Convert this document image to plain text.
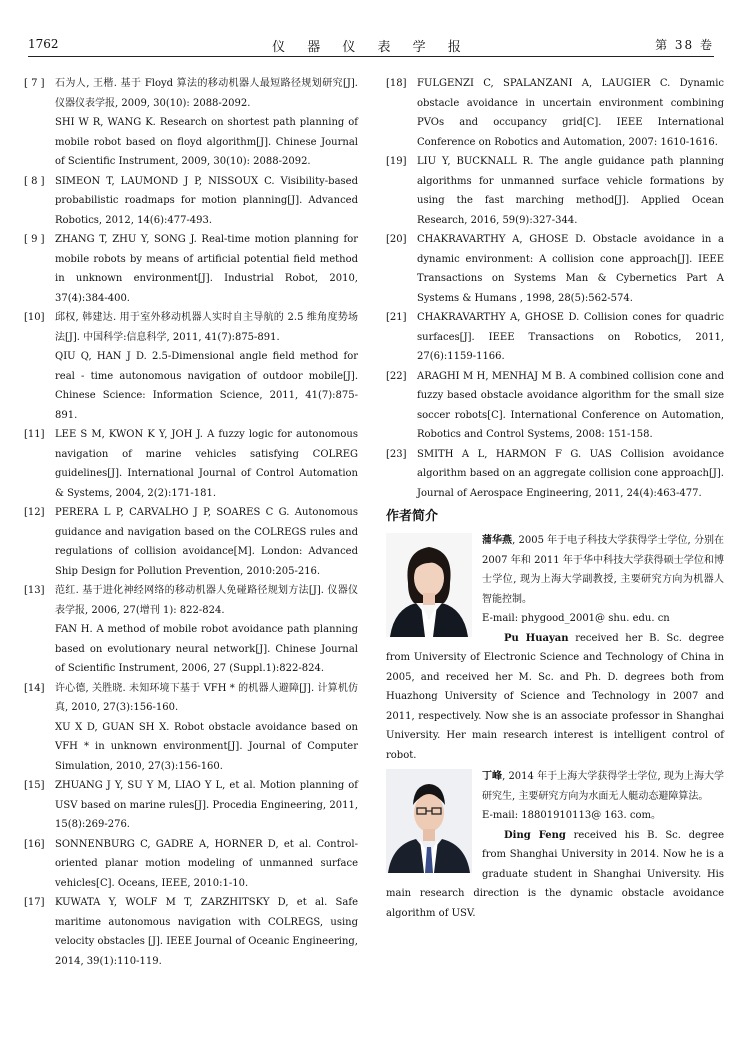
1762	仪 器 仪 表 学 报	第 38 卷
[ 7 ]	石为人, 王楷. 基于 Floyd 算法的移动机器人最短路径规划研究[J]. 仪器仪表学报, 2009, 30(10): 2088-2092.

SHI W R, WANG K. Research on shortest path planning of mobile robot based on floyd algorithm[J]. Chinese Journal of Scientific Instrument, 2009, 30(10): 2088-2092.

[ 8 ]	SIMEON T, LAUMOND J P, NISSOUX C. Visibility-based probabilistic roadmaps for motion planning[J]. Advanced Robotics, 2012, 14(6):477-493.

[ 9 ]	ZHANG T, ZHU Y, SONG J. Real-time motion planning for mobile robots by means of artificial potential field method in unknown environment[J]. Industrial Robot, 2010, 37(4):384-400.

[10]	邱权, 韩建达. 用于室外移动机器人实时自主导航的 2.5 维角度势场法[J]. 中国科学:信息科学, 2011, 41(7):875-891.

QIU Q, HAN J D. 2.5-Dimensional angle field method for real - time autonomous navigation of outdoor mobile[J]. Chinese Science: Information Science, 2011, 41(7):875-891.

[11]	LEE S M, KWON K Y, JOH J. A fuzzy logic for autonomous navigation of marine vehicles satisfying COLREG guidelines[J]. International Journal of Control Automation & Systems, 2004, 2(2):171-181.

[12]	PERERA L P, CARVALHO J P, SOARES C G. Autonomous guidance and navigation based on the COLREGS rules and regulations of collision avoidance[M]. London: Advanced Ship Design for Pollution Prevention, 2010:205-216.

[13]	范红. 基于进化神经网络的移动机器人免碰路径规划方法[J]. 仪器仪表学报, 2006, 27(增刊 1): 822-824.

FAN H. A method of mobile robot avoidance path planning based on evolutionary neural network[J]. Chinese Journal of Scientific Instrument, 2006, 27 (Suppl.1):822-824.

[14]	许心德, 关胜晓. 未知环境下基于 VFH * 的机器人避障[J]. 计算机仿真, 2010, 27(3):156-160.

XU X D, GUAN SH X. Robot obstacle avoidance based on VFH * in unknown environment[J]. Journal of Computer Simulation, 2010, 27(3):156-160.

[15]	ZHUANG J Y, SU Y M, LIAO Y L, et al. Motion planning of USV based on marine rules[J]. Procedia Engineering, 2011, 15(8):269-276.

[16]	SONNENBURG C, GADRE A, HORNER D, et al. Control-oriented planar motion modeling of unmanned surface vehicles[C]. Oceans, IEEE, 2010:1-10.

[17]	KUWATA Y, WOLF M T, ZARZHITSKY D, et al. Safe maritime autonomous navigation with COLREGS, using velocity obstacles [J]. IEEE Journal of Oceanic Engineering, 2014, 39(1):110-119.

[18]	FULGENZI C, SPALANZANI A, LAUGIER C. Dynamic obstacle avoidance in uncertain environment combining PVOs and occupancy grid[C]. IEEE International Conference on Robotics and Automation, 2007: 1610-1616.

[19]	LIU Y, BUCKNALL R. The angle guidance path planning algorithms for unmanned surface vehicle formations by using the fast marching method[J]. Applied Ocean Research, 2016, 59(9):327-344.

[20]	CHAKRAVARTHY A, GHOSE D. Obstacle avoidance in a dynamic environment: A collision cone approach[J]. IEEE Transactions on Systems Man & Cybernetics Part A Systems & Humans , 1998, 28(5):562-574.

[21]	CHAKRAVARTHY A, GHOSE D. Collision cones for quadric surfaces[J]. IEEE Transactions on Robotics, 2011, 27(6):1159-1166.

[22]	ARAGHI M H, MENHAJ M B. A combined collision cone and fuzzy based obstacle avoidance algorithm for the small size soccer robots[C]. International Conference on Automation, Robotics and Control Systems, 2008: 151-158.

[23]	SMITH A L, HARMON F G. UAS Collision avoidance algorithm based on an aggregate collision cone approach[J]. Journal of Aerospace Engineering, 2011, 24(4):463-477.

作者简介

蒲华燕, 2005 年于电子科技大学获得学士学位, 分别在 2007 年和 2011 年于华中科技大学获得硕士学位和博士学位, 现为上海大学副教授, 主要研究方向为机器人智能控制。

E-mail: phygood_2001@ shu. edu. cn

Pu Huayan received her B. Sc. degree from University of Electronic Science and Technology of China in 2005, and received her M. Sc. and Ph. D. degrees both from Huazhong University of Science and Technology in 2007 and 2011, respectively. Now she is an associate professor in Shanghai University. Her main research interest is intelligent control of robot.

丁峰, 2014 年于上海大学获得学士学位, 现为上海大学研究生, 主要研究方向为水面无人艇动态避障算法。

E-mail: 18801910113@ 163. com。

Ding Feng received his B. Sc. degree from Shanghai University in 2014. Now he is a graduate student in Shanghai University. His main research direction is the dynamic obstacle avoidance algorithm of USV.
